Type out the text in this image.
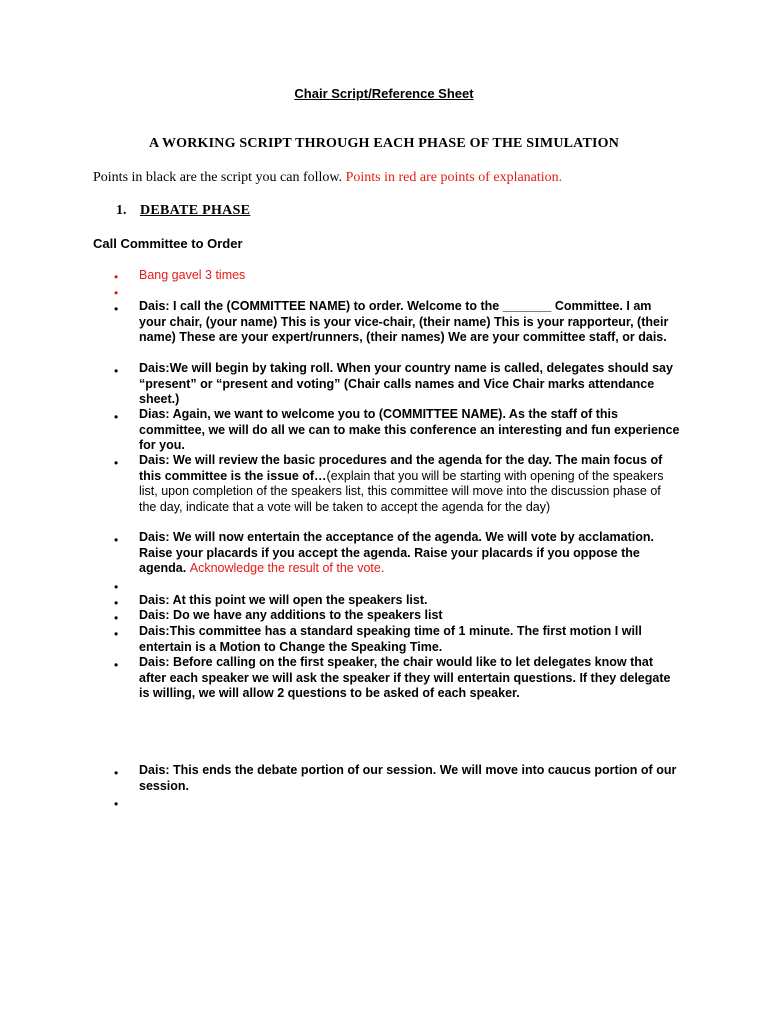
Chair Script/Reference Sheet
A WORKING SCRIPT THROUGH EACH PHASE OF THE SIMULATION
Points in black are the script you can follow. Points in red are points of explanation.
1. DEBATE PHASE
Call Committee to Order
• Bang gavel 3 times
•
• Dais: I call the (COMMITTEE NAME) to order. Welcome to the _______ Committee. I am your chair, (your name) This is your vice-chair, (their name) This is your rapporteur, (their name) These are your expert/runners, (their names) We are your committee staff, or dais.
• Dais:We will begin by taking roll. When your country name is called, delegates should say “present” or “present and voting” (Chair calls names and Vice Chair marks attendance sheet.)
• Dias: Again, we want to welcome you to (COMMITTEE NAME). As the staff of this committee, we will do all we can to make this conference an interesting and fun experience for you.
• Dais: We will review the basic procedures and the agenda for the day. The main focus of this committee is the issue of…(explain that you will be starting with opening of the speakers list, upon completion of the speakers list, this committee will move into the discussion phase of the day, indicate that a vote will be taken to accept the agenda for the day)
• Dais: We will now entertain the acceptance of the agenda. We will vote by acclamation. Raise your placards if you accept the agenda. Raise your placards if you oppose the agenda. Acknowledge the result of the vote.
•
• Dais: At this point we will open the speakers list.
• Dais: Do we have any additions to the speakers list
• Dais:This committee has a standard speaking time of 1 minute. The first motion I will entertain is a Motion to Change the Speaking Time.
• Dais: Before calling on the first speaker, the chair would like to let delegates know that after each speaker we will ask the speaker if they will entertain questions. If they delegate is willing, we will allow 2 questions to be asked of each speaker.
• Dais: This ends the debate portion of our session. We will move into caucus portion of our session.
•
